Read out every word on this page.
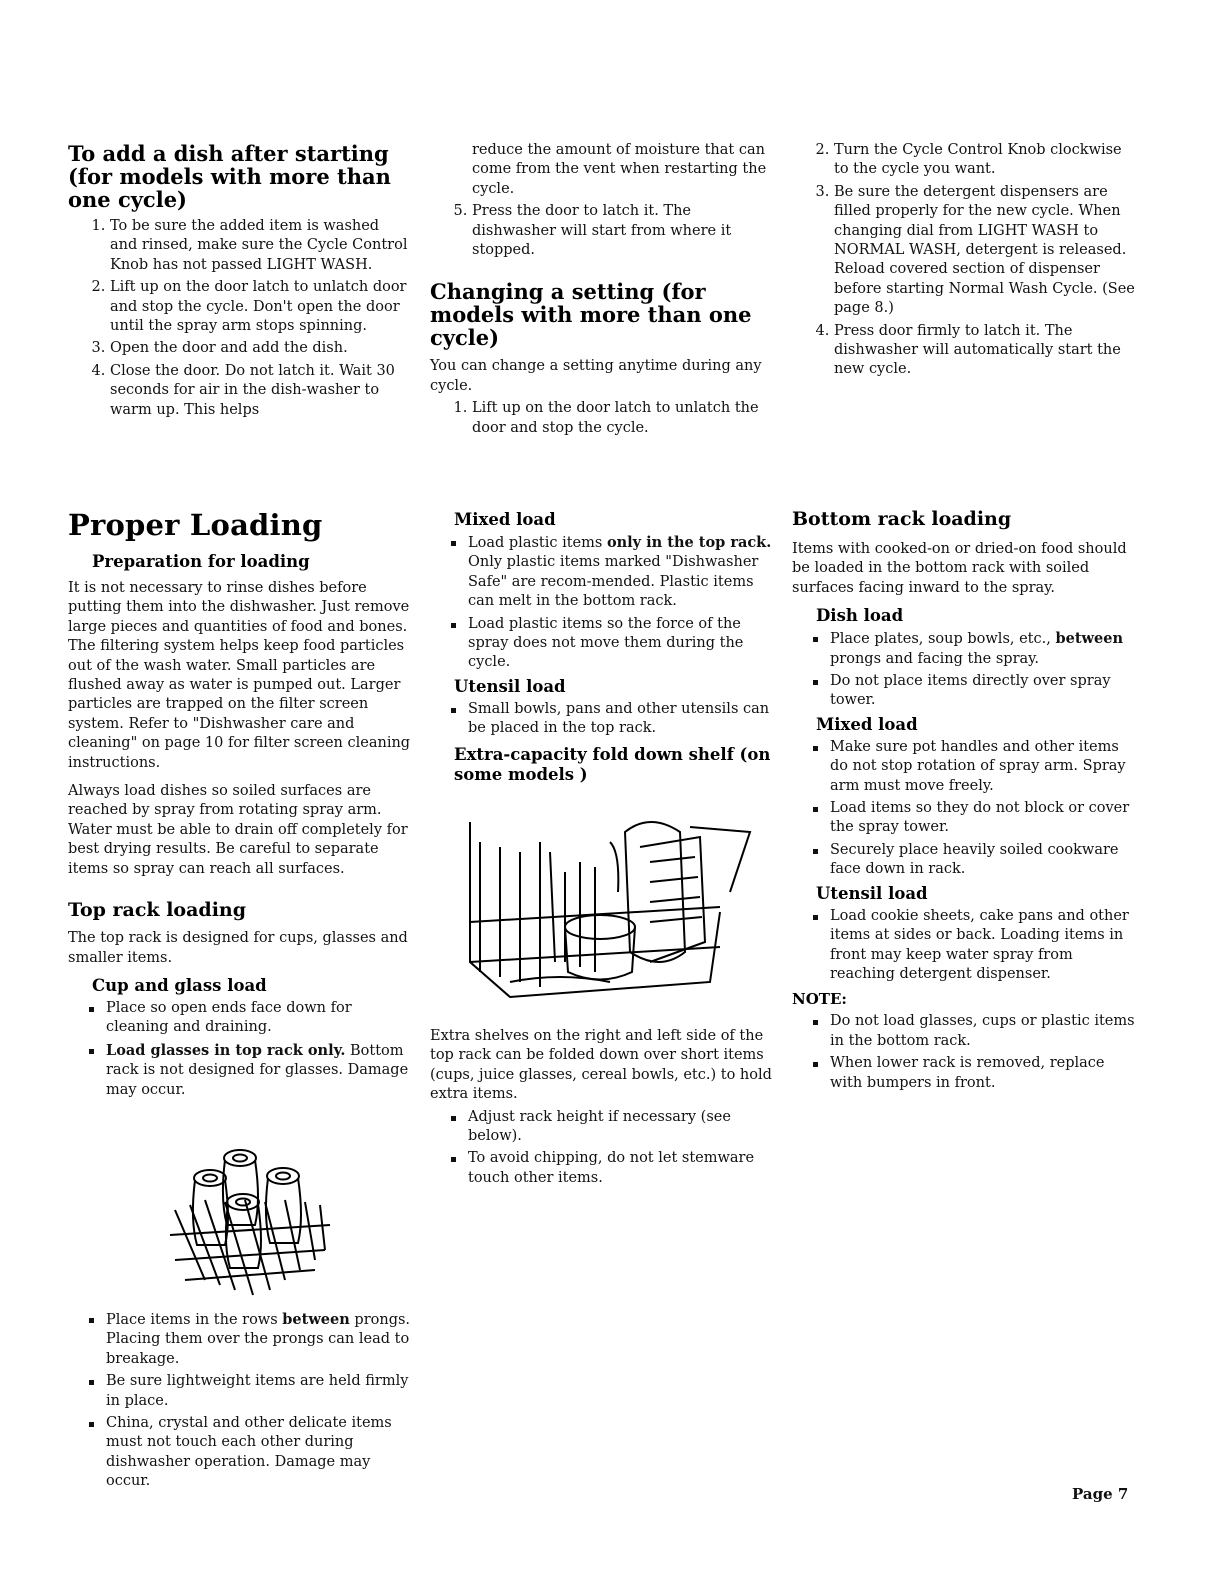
To add a dish after starting (for models with more than one cycle)
1. To be sure the added item is washed and rinsed, make sure the Cycle Control Knob has not passed LIGHT WASH.
2. Lift up on the door latch to unlatch door and stop the cycle. Don't open the door until the spray arm stops spinning.
3. Open the door and add the dish.
4. Close the door. Do not latch it. Wait 30 seconds for air in the dish-washer to warm up. This helps

reduce the amount of moisture that can come from the vent when restarting the cycle.

5. Press the door to latch it. The dishwasher will start from where it stopped.
Changing a setting (for models with more than one cycle)

You can change a setting anytime during any cycle.

1. Lift up on the door latch to unlatch the door and stop the cycle.
2. Turn the Cycle Control Knob clockwise to the cycle you want.
3. Be sure the detergent dispensers are filled properly for the new cycle. When changing dial from LIGHT WASH to NORMAL WASH, detergent is released. Reload covered section of dispenser before starting Normal Wash Cycle. (See page 8.)
4. Press door firmly to latch it. The dishwasher will automatically start the new cycle.
Proper Loading
Preparation for loading

It is not necessary to rinse dishes before putting them into the dishwasher. Just remove large pieces and quantities of food and bones. The filtering system helps keep food particles out of the wash water. Small particles are flushed away as water is pumped out. Larger particles are trapped on the filter screen system. Refer to "Dishwasher care and cleaning" on page 10 for filter screen cleaning instructions.

Always load dishes so soiled surfaces are reached by spray from rotating spray arm. Water must be able to drain off completely for best drying results. Be careful to separate items so spray can reach all surfaces.

Top rack loading

The top rack is designed for cups, glasses and smaller items.

Cup and glass load
Place so open ends face down for cleaning and draining.
Load glasses in top rack only. Bottom rack is not designed for glasses. Damage may occur.
Place items in the rows between prongs. Placing them over the prongs can lead to breakage.
Be sure lightweight items are held firmly in place.
China, crystal and other delicate items must not touch each other during dishwasher operation. Damage may occur.
Mixed load
Load plastic items only in the top rack. Only plastic items marked "Dishwasher Safe" are recom-mended. Plastic items can melt in the bottom rack.
Load plastic items so the force of the spray does not move them during the cycle.
Utensil load
Small bowls, pans and other utensils can be placed in the top rack.
Extra-capacity fold down shelf (on some models )

Extra shelves on the right and left side of the top rack can be folded down over short items (cups, juice glasses, cereal bowls, etc.) to hold extra items.

Adjust rack height if necessary (see below).
To avoid chipping, do not let stemware touch other items.
Bottom rack loading

Items with cooked-on or dried-on food should be loaded in the bottom rack with soiled surfaces facing inward to the spray.

Dish load
Place plates, soup bowls, etc., between prongs and facing the spray.
Do not place items directly over spray tower.
Mixed load
Make sure pot handles and other items do not stop rotation of spray arm. Spray arm must move freely.
Load items so they do not block or cover the spray tower.
Securely place heavily soiled cookware face down in rack.
Utensil load
Load cookie sheets, cake pans and other items at sides or back. Loading items in front may keep water spray from reaching detergent dispenser.
NOTE:
Do not load glasses, cups or plastic items in the bottom rack.
When lower rack is removed, replace with bumpers in front.
Page 7
